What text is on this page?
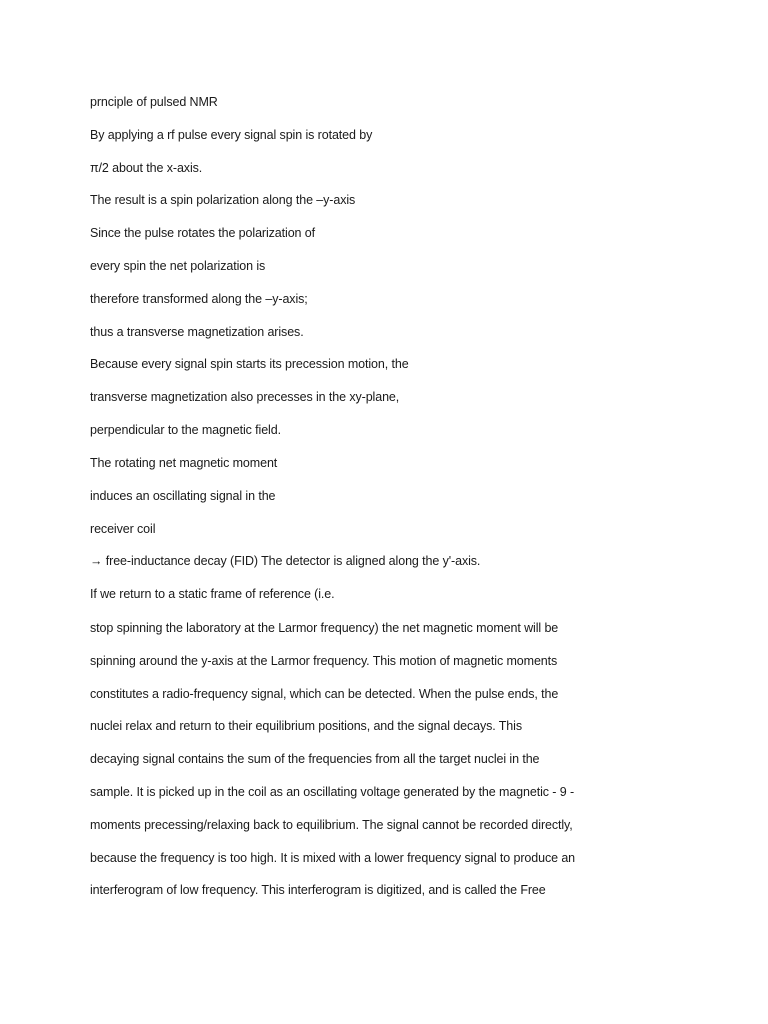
prnciple of pulsed NMR
By applying a rf pulse every signal spin is rotated by
π/2 about the x-axis.
The result is a spin polarization along the –y-axis
Since the pulse rotates the polarization of
every spin the net polarization is
therefore transformed along the –y-axis;
thus a transverse magnetization arises.
Because every signal spin starts its precession motion, the
transverse magnetization also precesses in the xy-plane,
perpendicular to the magnetic field.
The rotating net magnetic moment
induces an oscillating signal in the
receiver coil
→ free-inductance decay (FID) The detector is aligned along the y'-axis.
If we return to a static frame of reference (i.e.
stop spinning the laboratory at the Larmor frequency) the net magnetic moment will be
spinning around the y-axis at the Larmor frequency. This motion of magnetic moments
constitutes a radio-frequency signal, which can be detected. When the pulse ends, the
nuclei relax and return to their equilibrium positions, and the signal decays. This
decaying signal contains the sum of the frequencies from all the target nuclei in the
sample. It is picked up in the coil as an oscillating voltage generated by the magnetic - 9 -
moments precessing/relaxing back to equilibrium. The signal cannot be recorded directly,
because the frequency is too high. It is mixed with a lower frequency signal to produce an
interferogram of low frequency. This interferogram is digitized, and is called the Free
